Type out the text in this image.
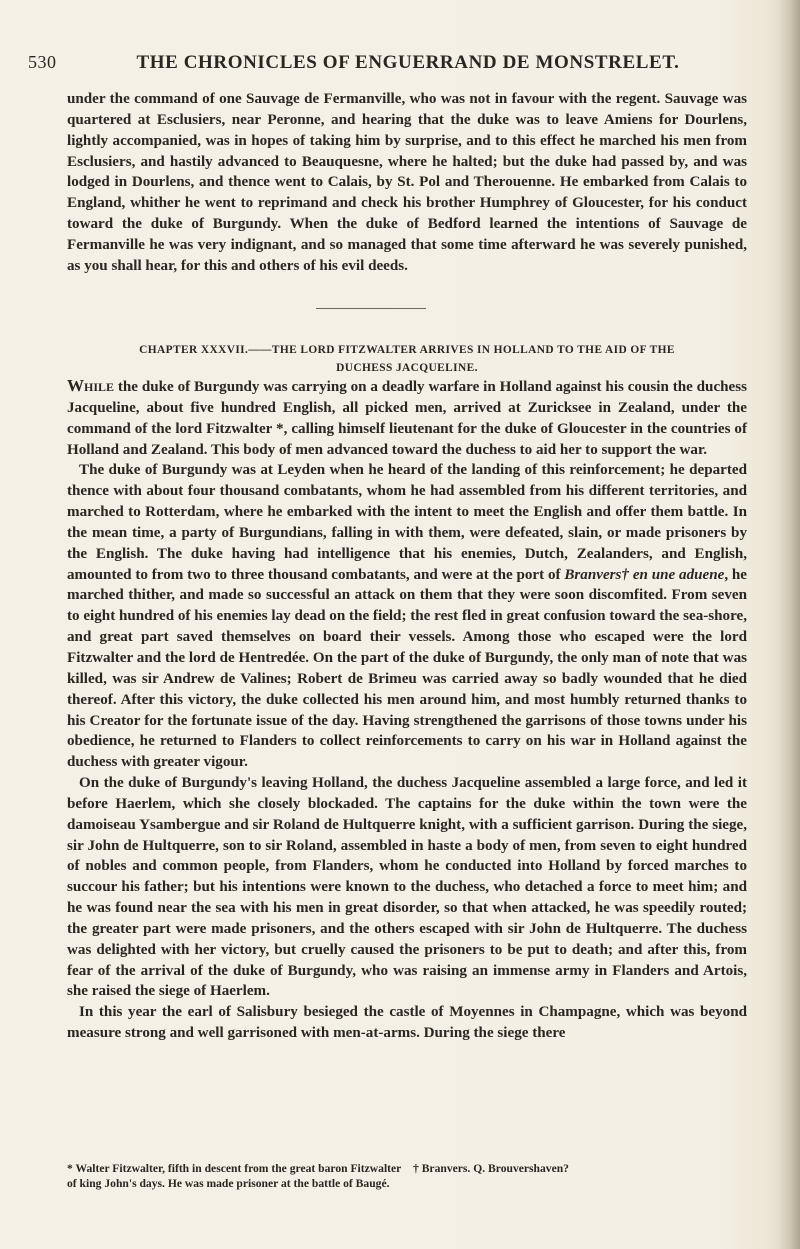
530	THE CHRONICLES OF ENGUERRAND DE MONSTRELET.

under the command of one Sauvage de Fermanville, who was not in favour with the regent. Sauvage was quartered at Esclusiers, near Peronne, and hearing that the duke was to leave Amiens for Dourlens, lightly accompanied, was in hopes of taking him by surprise, and to this effect he marched his men from Esclusiers, and hastily advanced to Beauquesne, where he halted; but the duke had passed by, and was lodged in Dourlens, and thence went to Calais, by St. Pol and Therouenne. He embarked from Calais to England, whither he went to reprimand and check his brother Humphrey of Gloucester, for his conduct toward the duke of Burgundy. When the duke of Bedford learned the intentions of Sauvage de Fermanville he was very indignant, and so managed that some time afterward he was severely punished, as you shall hear, for this and others of his evil deeds.

CHAPTER XXXVII.——THE LORD FITZWALTER ARRIVES IN HOLLAND TO THE AID OF THE
DUCHESS JACQUELINE.

While the duke of Burgundy was carrying on a deadly warfare in Holland against his cousin the duchess Jacqueline, about five hundred English, all picked men, arrived at Zuricksee in Zealand, under the command of the lord Fitzwalter *, calling himself lieutenant for the duke of Gloucester in the countries of Holland and Zealand. This body of men advanced toward the duchess to aid her to support the war.

The duke of Burgundy was at Leyden when he heard of the landing of this reinforcement; he departed thence with about four thousand combatants, whom he had assembled from his different territories, and marched to Rotterdam, where he embarked with the intent to meet the English and offer them battle. In the mean time, a party of Burgundians, falling in with them, were defeated, slain, or made prisoners by the English. The duke having had intelligence that his enemies, Dutch, Zealanders, and English, amounted to from two to three thousand combatants, and were at the port of Branvers† en une aduene, he marched thither, and made so successful an attack on them that they were soon discomfited. From seven to eight hundred of his enemies lay dead on the field; the rest fled in great confusion toward the sea-shore, and great part saved themselves on board their vessels. Among those who escaped were the lord Fitzwalter and the lord de Hentredée. On the part of the duke of Burgundy, the only man of note that was killed, was sir Andrew de Valines; Robert de Brimeu was carried away so badly wounded that he died thereof. After this victory, the duke collected his men around him, and most humbly returned thanks to his Creator for the fortunate issue of the day. Having strengthened the garrisons of those towns under his obedience, he returned to Flanders to collect reinforcements to carry on his war in Holland against the duchess with greater vigour.

On the duke of Burgundy's leaving Holland, the duchess Jacqueline assembled a large force, and led it before Haerlem, which she closely blockaded. The captains for the duke within the town were the damoiseau Ysambergue and sir Roland de Hultquerre knight, with a sufficient garrison. During the siege, sir John de Hultquerre, son to sir Roland, assembled in haste a body of men, from seven to eight hundred of nobles and common people, from Flanders, whom he conducted into Holland by forced marches to succour his father; but his intentions were known to the duchess, who detached a force to meet him; and he was found near the sea with his men in great disorder, so that when attacked, he was speedily routed; the greater part were made prisoners, and the others escaped with sir John de Hultquerre. The duchess was delighted with her victory, but cruelly caused the prisoners to be put to death; and after this, from fear of the arrival of the duke of Burgundy, who was raising an immense army in Flanders and Artois, she raised the siege of Haerlem.

In this year the earl of Salisbury besieged the castle of Moyennes in Champagne, which was beyond measure strong and well garrisoned with men-at-arms. During the siege there

* Walter Fitzwalter, fifth in descent from the great baron Fitzwalter of king John's days. He was made prisoner at the battle of Baugé.
† Branvers. Q. Brouvershaven?
